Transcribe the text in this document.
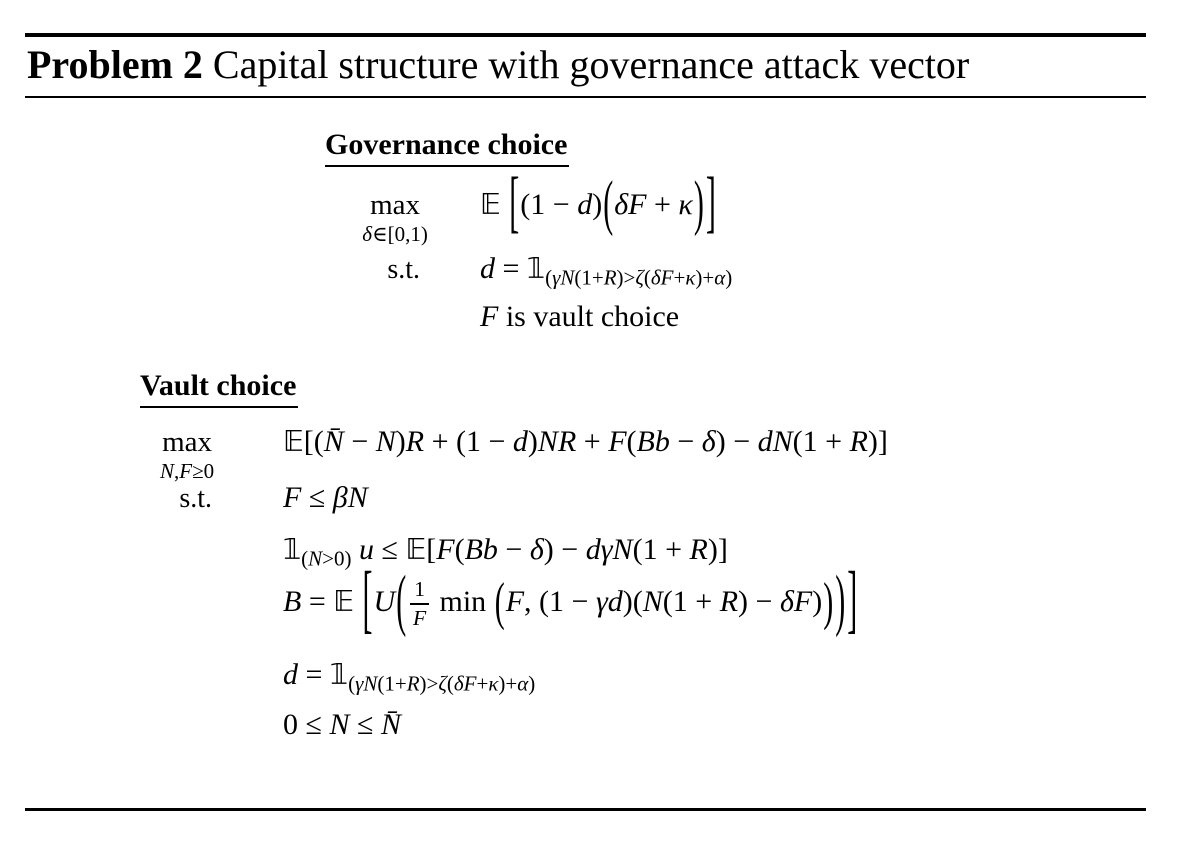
Problem 2 Capital structure with governance attack vector
Governance choice
max
δ∈[0,1)
𝔼 [(1 − d)(δF + κ)]
s.t. $d = 𝟙_{(\gamma N(1+R)>\zeta(\delta F+\kappa)+\alpha)}$
F is vault choice
Vault choice
max
N,F≥0
𝔼[(N̄ − N)R + (1 − d)NR + F(Bb − δ) − dN(1 + R)]
s.t. F ≤ βN
$𝟙_{(N>0)}$ u ≤ 𝔼[F(Bb − δ) − dγN(1 + R)]
B = 𝔼 [$U( \frac{1}{F}$ min (F, (1 − γd)(N(1 + R) − δF)))]
$d = 𝟙_{(\gamma N(1+R)>\zeta(\delta F+\kappa)+\alpha)}$
0 ≤ N ≤ N̄
